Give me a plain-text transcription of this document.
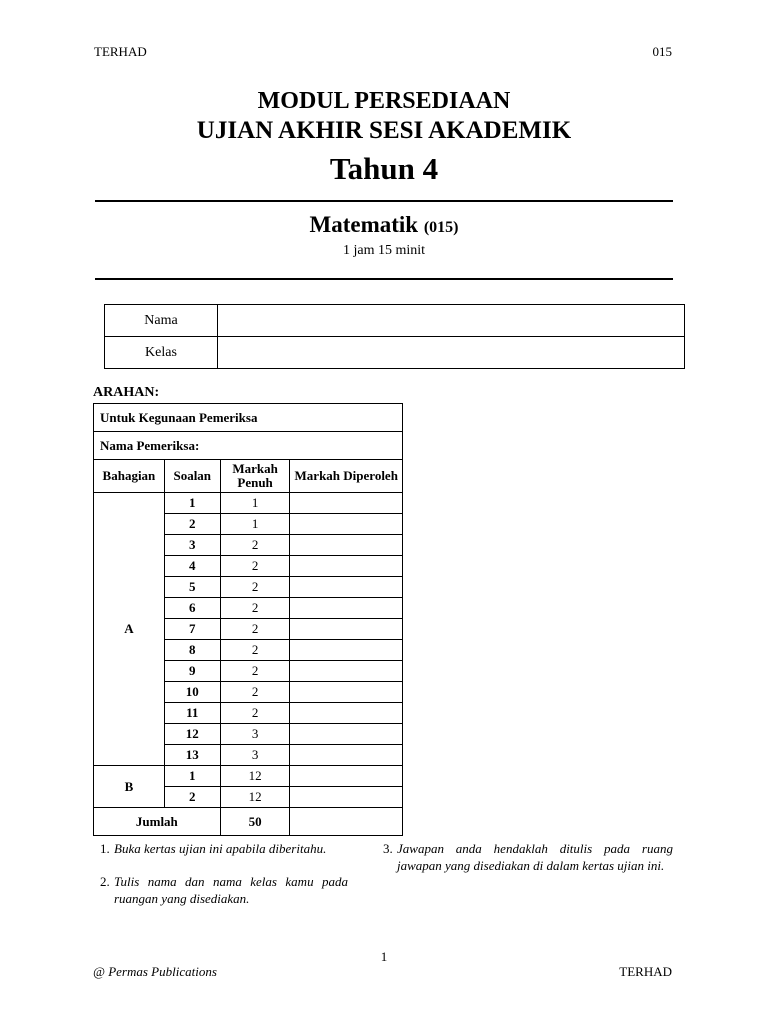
TERHAD	015
MODUL PERSEDIAAN
UJIAN AKHIR SESI AKADEMIK
Tahun 4
Matematik (015)
1 jam 15 minit
Nama	
Kelas	
ARAHAN:
Untuk Kegunaan Pemeriksa			
Nama Pemeriksa:			
Bahagian	Soalan	Markah Penuh	Markah Diperoleh
A	1	1	
	2	1	
	3	2	
	4	2	
	5	2	
	6	2	
	7	2	
	8	2	
	9	2	
	10	2	
	11	2	
	12	3	
	13	3	
B	1	12	
	2	12	
Jumlah		50	
1. Buka kertas ujian ini apabila diberitahu.
2. Tulis nama dan nama kelas kamu pada ruangan yang disediakan.
3. Jawapan anda hendaklah ditulis pada ruang jawapan yang disediakan di dalam kertas ujian ini.
1
@ Permas Publications	TERHAD
